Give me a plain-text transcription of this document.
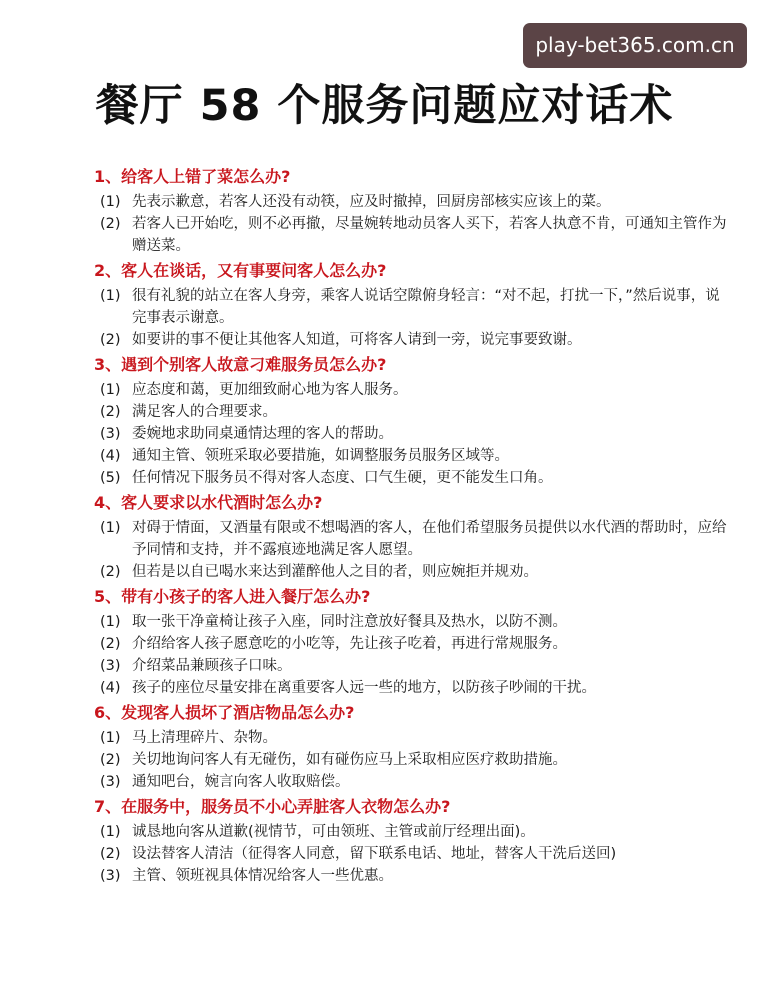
play-bet365.com.cn
餐厅 58 个服务问题应对话术
1、给客人上错了菜怎么办?
(1) 先表示歉意，若客人还没有动筷，应及时撤掉，回厨房部核实应该上的菜。
(2) 若客人已开始吃，则不必再撤，尽量婉转地动员客人买下，若客人执意不肯，可通知主管作为赠送菜。
2、客人在谈话，又有事要问客人怎么办?
(1) 很有礼貌的站立在客人身旁，乘客人说话空隙俯身轻言：“对不起，打扰一下，”然后说事，说完事表示谢意。
(2) 如要讲的事不便让其他客人知道，可将客人请到一旁，说完事要致谢。
3、遇到个别客人故意刁难服务员怎么办?
(1) 应态度和蔼，更加细致耐心地为客人服务。
(2) 满足客人的合理要求。
(3) 委婉地求助同桌通情达理的客人的帮助。
(4) 通知主管、领班采取必要措施，如调整服务员服务区域等。
(5) 任何情况下服务员不得对客人态度、口气生硬，更不能发生口角。
4、客人要求以水代酒时怎么办?
(1) 对碍于情面，又酒量有限或不想喝酒的客人，在他们希望服务员提供以水代酒的帮助时，应给予同情和支持，并不露痕迹地满足客人愿望。
(2) 但若是以自已喝水来达到灌醉他人之目的者，则应婉拒并规劝。
5、带有小孩子的客人进入餐厅怎么办?
(1) 取一张干净童椅让孩子入座，同时注意放好餐具及热水，以防不测。
(2) 介绍给客人孩子愿意吃的小吃等，先让孩子吃着，再进行常规服务。
(3) 介绍菜品兼顾孩子口味。
(4) 孩子的座位尽量安排在离重要客人远一些的地方，以防孩子吵闹的干扰。
6、发现客人损坏了酒店物品怎么办?
(1) 马上清理碎片、杂物。
(2) 关切地询问客人有无碰伤，如有碰伤应马上采取相应医疗救助措施。
(3) 通知吧台，婉言向客人收取赔偿。
7、在服务中，服务员不小心弄脏客人衣物怎么办?
(1) 诚恳地向客从道歉(视情节，可由领班、主管或前厅经理出面)。
(2) 设法替客人清洁（征得客人同意，留下联系电话、地址，替客人干洗后送回)
(3) 主管、领班视具体情况给客人一些优惠。
